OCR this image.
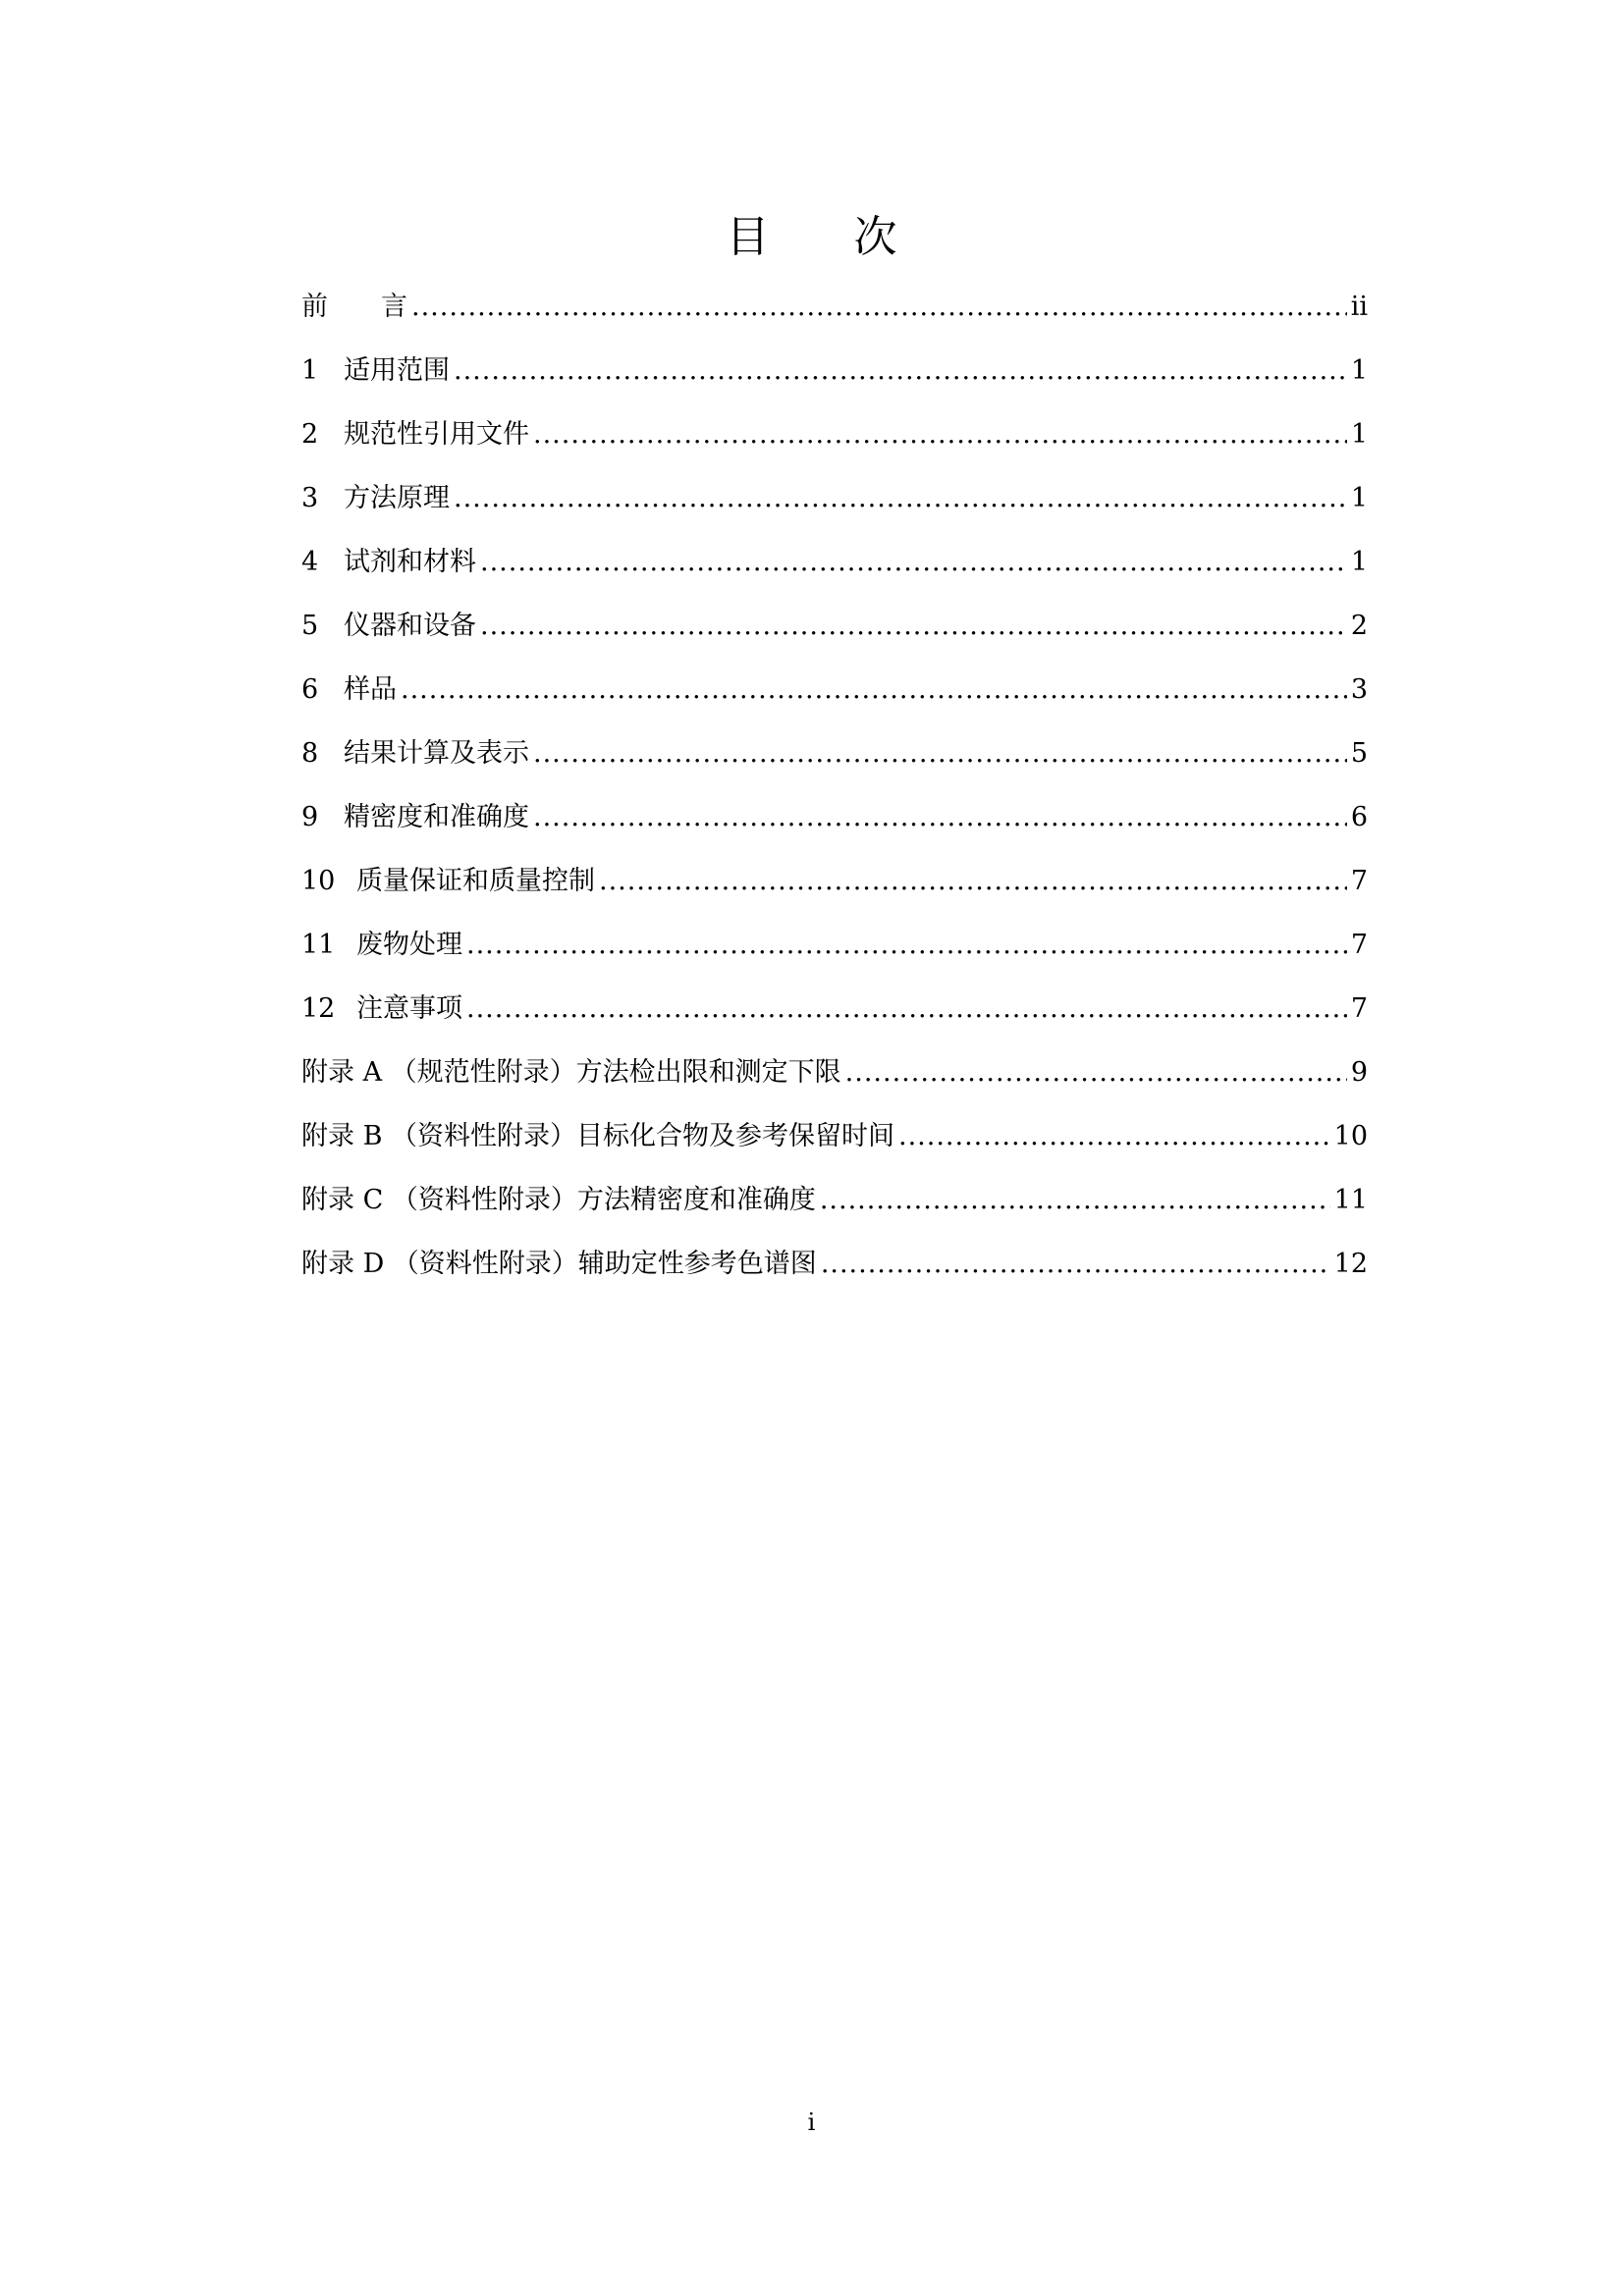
目 次
前　　言 .....	ii
1 适用范围 .....	1
2 规范性引用文件 .....	1
3 方法原理 .....	1
4 试剂和材料 .....	1
5 仪器和设备 .....	2
6 样品 .....	3
8 结果计算及表示 .....	5
9 精密度和准确度 .....	6
10 质量保证和质量控制 .....	7
11 废物处理 .....	7
12 注意事项 .....	7
附录 A （规范性附录）方法检出限和测定下限 .....	9
附录 B （资料性附录）目标化合物及参考保留时间 .....	10
附录 C （资料性附录）方法精密度和准确度 .....	11
附录 D （资料性附录）辅助定性参考色谱图 .....	12
i
